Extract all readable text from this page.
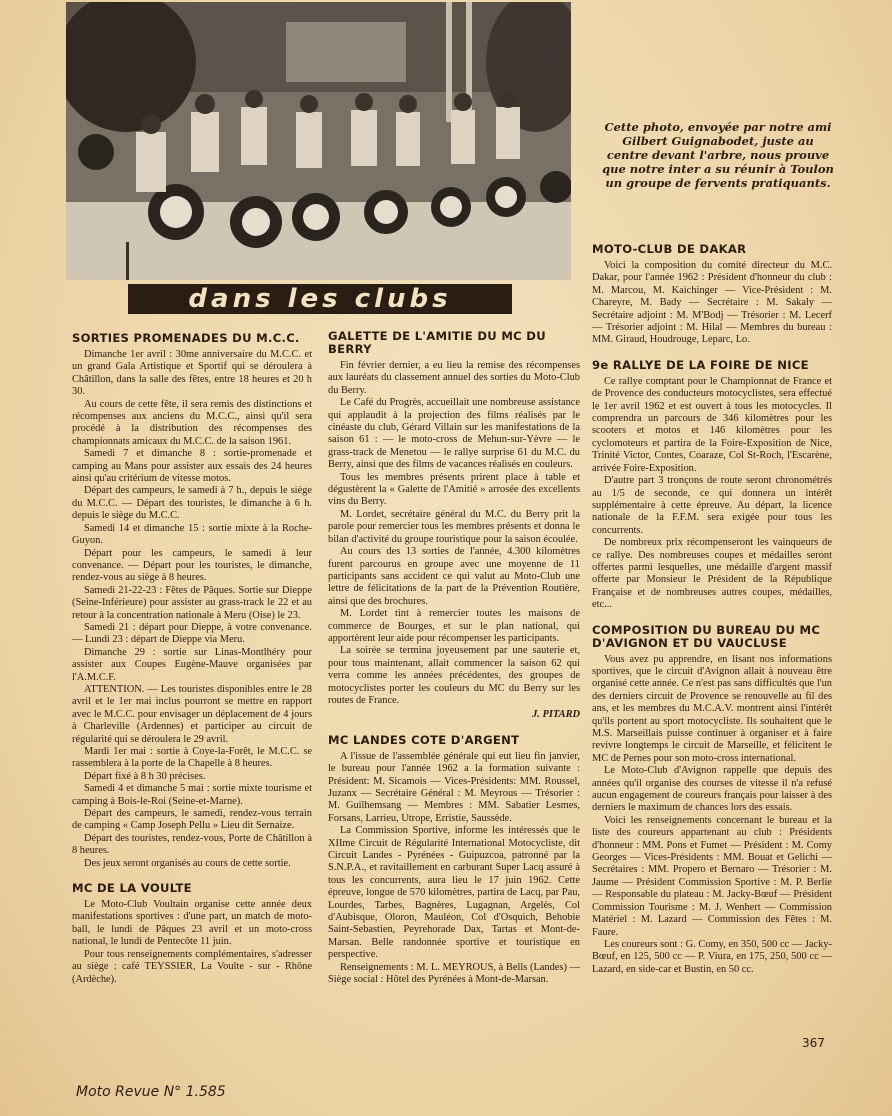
Cette photo, envoyée par notre ami Gilbert Guignabodet, juste au centre devant l'arbre, nous prouve que notre inter a su réunir à Toulon un groupe de fervents pratiquants.
dans les clubs
SORTIES PROMENADES DU M.C.C.

Dimanche 1er avril : 30me anniversaire du M.C.C. et un grand Gala Artistique et Sportif qui se déroulera à Châtillon, dans la salle des fêtes, entre 18 heures et 20 h 30.

Au cours de cette fête, il sera remis des distinctions et récompenses aux anciens du M.C.C., ainsi qu'il sera procédé à la distribution des récompenses des championnats amicaux du M.C.C. de la saison 1961.

Samedi 7 et dimanche 8 : sortie-promenade et camping au Mans pour assister aux essais des 24 heures ainsi qu'au critérium de vitesse motos.

Départ des campeurs, le samedi à 7 h., depuis le siège du M.C.C. — Départ des touristes, le dimanche à 6 h. depuis le siège du M.C.C.

Samedi 14 et dimanche 15 : sortie mixte à la Roche-Guyon.

Départ pour les campeurs, le samedi à leur convenance. — Départ pour les touristes, le dimanche, rendez-vous au siège à 8 heures.

Samedi 21-22-23 : Fêtes de Pâques. Sortie sur Dieppe (Seine-Inférieure) pour assister au grass-track le 22 et au retour à la concentration nationale à Meru (Oise) le 23.

Samedi 21 : départ pour Dieppe, à votre convenance. — Lundi 23 : départ de Dieppe via Meru.

Dimanche 29 : sortie sur Linas-Montlhéry pour assister aux Coupes Eugène-Mauve organisées par l'A.M.C.F.

ATTENTION. — Les touristes disponibles entre le 28 avril et le 1er mai inclus pourront se mettre en rapport avec le M.C.C. pour envisager un déplacement de 4 jours à Charleville (Ardennes) et participer au circuit de régularité qui se déroulera le 29 avril.

Mardi 1er mai : sortie à Coye-la-Forêt, le M.C.C. se rassemblera à la porte de la Chapelle à 8 heures.

Départ fixé à 8 h 30 précises.

Samedi 4 et dimanche 5 mai : sortie mixte tourisme et camping à Bois-le-Roi (Seine-et-Marne).

Départ des campeurs, le samedi, rendez-vous terrain de camping « Camp Joseph Pellu » Lieu dit Sernaize.

Départ des touristes, rendez-vous, Porte de Châtillon à 8 heures.

Des jeux seront organisés au cours de cette sortie.

MC DE LA VOULTE

Le Moto-Club Voultain organise cette année deux manifestations sportives : d'une part, un match de moto-ball, le lundi de Pâques 23 avril et un moto-cross national, le lundi de Pentecôte 11 juin.

Pour tous renseignements complémentaires, s'adresser au siège : café TEYSSIER, La Voulte - sur - Rhône (Ardèche).

GALETTE DE L'AMITIE DU MC DU BERRY

Fin février dernier, a eu lieu la remise des récompenses aux lauréats du classement annuel des sorties du Moto-Club du Berry.

Le Café du Progrès, accueillait une nombreuse assistance qui applaudit à la projection des films réalisés par le cinéaste du club, Gérard Villain sur les manifestations de la saison 61 : — le moto-cross de Mehun-sur-Yèvre — le grass-track de Menetou — le rallye surprise 61 du M.C. du Berry, ainsi que des films de vacances réalisés en couleurs.

Tous les membres présents prirent place à table et dégustèrent la « Galette de l'Amitié » arrosée des excellents vins du Berry.

M. Lordet, secrétaire général du M.C. du Berry prit la parole pour remercier tous les membres présents et donna le bilan d'activité du groupe touristique pour la saison écoulée.

Au cours des 13 sorties de l'année, 4.300 kilomètres furent parcourus en groupe avec une moyenne de 11 participants sans accident ce qui valut au Moto-Club une lettre de félicitations de la part de la Prévention Routière, ainsi que des brochures.

M. Lordet tint à remercier toutes les maisons de commerce de Bourges, et sur le plan national, qui apportèrent leur aide pour récompenser les participants.

La soirée se termina joyeusement par une sauterie et, pour tous maintenant, allait commencer la saison 62 qui verra comme les années précédentes, des groupes de motocyclistes porter les couleurs du MC du Berry sur les routes de France.

J. PITARD
MC LANDES COTE D'ARGENT

A l'issue de l'assemblée générale qui eut lieu fin janvier, le bureau pour l'année 1962 a la formation suivante : Président: M. Sicamois — Vices-Présidents: MM. Roussel, Juzanx — Secrétaire Général : M. Meyrous — Trésorier : M. Guilhemsang — Membres : MM. Sabatier Lesmes, Forsans, Larrieu, Utrope, Erristie, Saussède.

La Commission Sportive, informe les intéressés que le XIIme Circuit de Régularité International Motocycliste, dit Circuit Landes - Pyrénées - Guipuzcoa, patronné par la S.N.P.A., et ravitaillement en carburant Super Lacq assuré à tous les concurrents, aura lieu le 17 juin 1962. Cette épreuve, longue de 570 kilomètres, partira de Lacq, par Pau, Lourdes, Tarbes, Bagnères, Lugagnan, Argelès, Col d'Aubisque, Oloron, Mauléon, Col d'Osquich, Behobie Saint-Sebastien, Peyrehorade Dax, Tartas et Mont-de-Marsan. Belle randonnée sportive et touristique en perspective.

Renseignements : M. L. MEYROUS, à Bells (Landes) — Siège social : Hôtel des Pyrénées à Mont-de-Marsan.

MOTO-CLUB DE DAKAR

Voici la composition du comité directeur du M.C. Dakar, pour l'année 1962 : Président d'honneur du club : M. Marcou, M. Kaichinger — Vice-Président : M. Chareyre, M. Bady — Secrétaire : M. Sakaly — Secrétaire adjoint : M. M'Bodj — Trésorier : M. Lecerf — Trésorier adjoint : M. Hilal — Membres du bureau : MM. Giraud, Houdrouge, Leparc, Lo.

9e RALLYE DE LA FOIRE DE NICE

Ce rallye comptant pour le Championnat de France et de Provence des conducteurs motocyclistes, sera effectué le 1er avril 1962 et est ouvert à tous les motocycles. Il comprendra un parcours de 346 kilomètres pour les scooters et motos et 146 kilomètres pour les cyclomoteurs et partira de la Foire-Exposition de Nice, Trinité Victor, Contes, Coaraze, Col St-Roch, l'Escarène, arrivée Foire-Exposition.

D'autre part 3 tronçons de route seront chronométrés au 1/5 de seconde, ce qui donnera un intérêt supplémentaire à cette épreuve. Au départ, la licence nationale de la F.F.M. sera exigée pour tous les concurrents.

De nombreux prix récompenseront les vainqueurs de ce rallye. Des nombreuses coupes et médailles seront offertes parmi lesquelles, une médaille d'argent massif offerte par Monsieur le Président de la République Française et de nombreuses autres coupes, médailles, etc...

COMPOSITION DU BUREAU DU MC D'AVIGNON ET DU VAUCLUSE

Vous avez pu apprendre, en lisant nos informations sportives, que le circuit d'Avignon allait à nouveau être organisé cette année. Ce n'est pas sans difficultés que l'un des derniers circuit de Provence se renouvelle au fil des ans, et les membres du M.C.A.V. montrent ainsi l'intérêt qu'ils portent au sport motocycliste. Ils souhaitent que le M.S. Marseillais puisse continuer à organiser et à faire revivre longtemps le circuit de Marseille, et félicitent le MC de Pernes pour son moto-cross international.

Le Moto-Club d'Avignon rappelle que depuis des années qu'il organise des courses de vitesse il n'a refusé aucun engagement de coureurs français pour laisser à des derniers le maximum de chances lors des essais.

Voici les renseignements concernant le bureau et la liste des coureurs appartenant au club : Présidents d'honneur : MM. Pons et Fumet — Président : M. Comy Georges — Vices-Présidents : MM. Bouat et Gelichi — Secrétaires : MM. Propero et Bernaro — Trésorier : M. Jaume — Président Commission Sportive : M. P. Berlie — Responsable du plateau : M. Jacky-Bœuf — Président Commission Tourisme : M. J. Wenhert — Commission Matériel : M. Lazard — Commission des Fêtes : M. Faure.

Les coureurs sont : G. Comy, en 350, 500 cc — Jacky-Bœuf, en 125, 500 cc — P. Viura, en 175, 250, 500 cc — Lazard, en side-car et Bustin, en 50 cc.

367
Moto Revue N° 1.585
